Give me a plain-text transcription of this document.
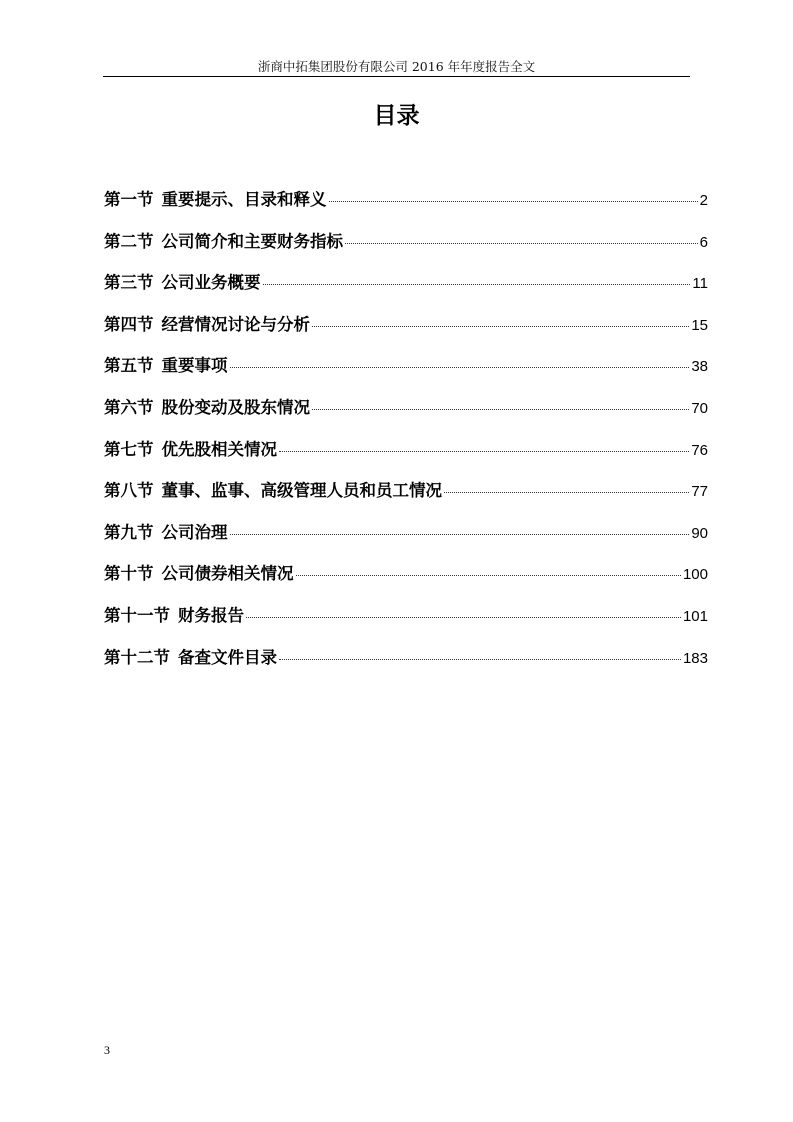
浙商中拓集团股份有限公司 2016 年年度报告全文
目录
第一节 重要提示、目录和释义	2
第二节 公司简介和主要财务指标	6
第三节 公司业务概要	11
第四节 经营情况讨论与分析	15
第五节 重要事项	38
第六节 股份变动及股东情况	70
第七节 优先股相关情况	76
第八节 董事、监事、高级管理人员和员工情况	77
第九节 公司治理	90
第十节 公司债券相关情况	100
第十一节 财务报告	101
第十二节 备查文件目录	183
3
